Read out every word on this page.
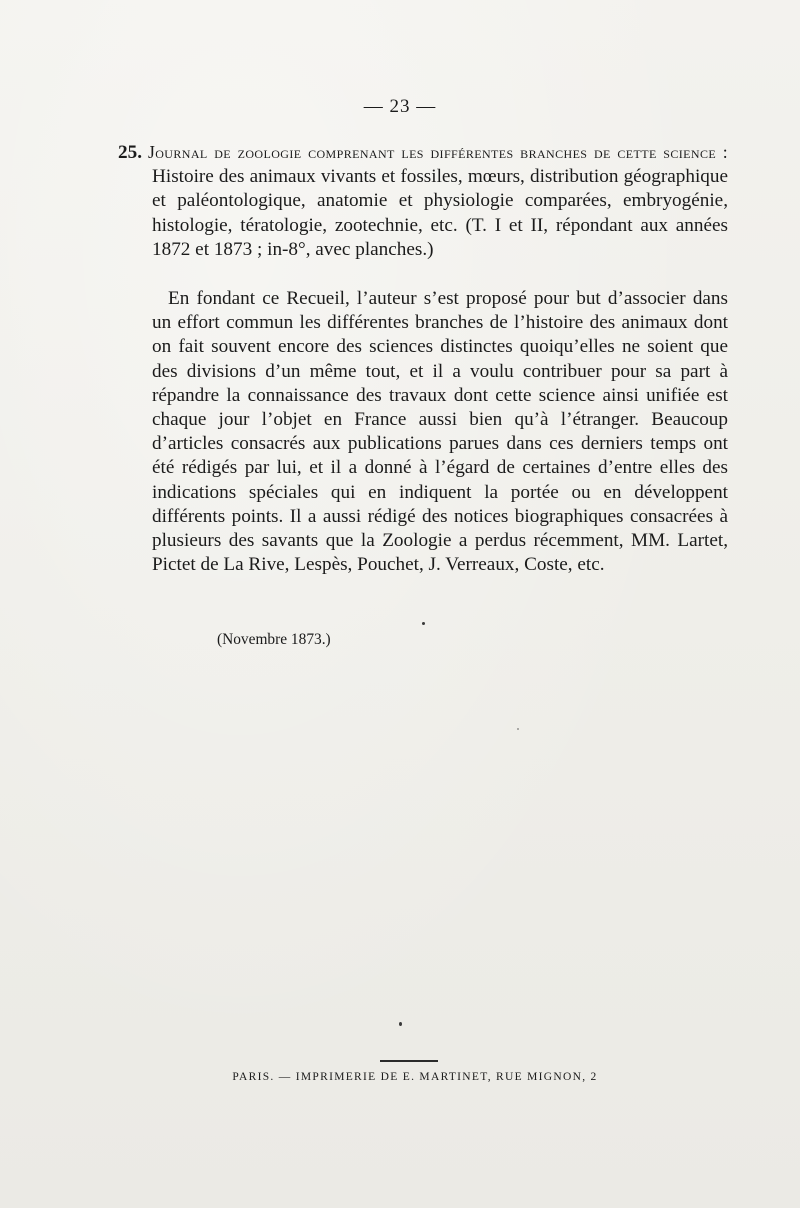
— 23 —
25. Journal de zoologie comprenant les différentes branches de cette science : Histoire des animaux vivants et fossiles, mœurs, distribution géographique et paléontologique, anatomie et physiologie comparées, embryogénie, histologie, tératologie, zootechnie, etc. (T. I et II, répondant aux années 1872 et 1873 ; in-8°, avec planches.)
En fondant ce Recueil, l’auteur s’est proposé pour but d’associer dans un effort commun les différentes branches de l’histoire des animaux dont on fait souvent encore des sciences distinctes quoiqu’elles ne soient que des divisions d’un même tout, et il a voulu contribuer pour sa part à répandre la connaissance des travaux dont cette science ainsi unifiée est chaque jour l’objet en France aussi bien qu’à l’étranger. Beaucoup d’articles consacrés aux publications parues dans ces derniers temps ont été rédigés par lui, et il a donné à l’égard de certaines d’entre elles des indications spéciales qui en indiquent la portée ou en développent différents points. Il a aussi rédigé des notices biographiques consacrées à plusieurs des savants que la Zoologie a perdus récemment, MM. Lartet, Pictet de La Rive, Lespès, Pouchet, J. Verreaux, Coste, etc.
(Novembre 1873.)
PARIS. — IMPRIMERIE DE E. MARTINET, RUE MIGNON, 2
